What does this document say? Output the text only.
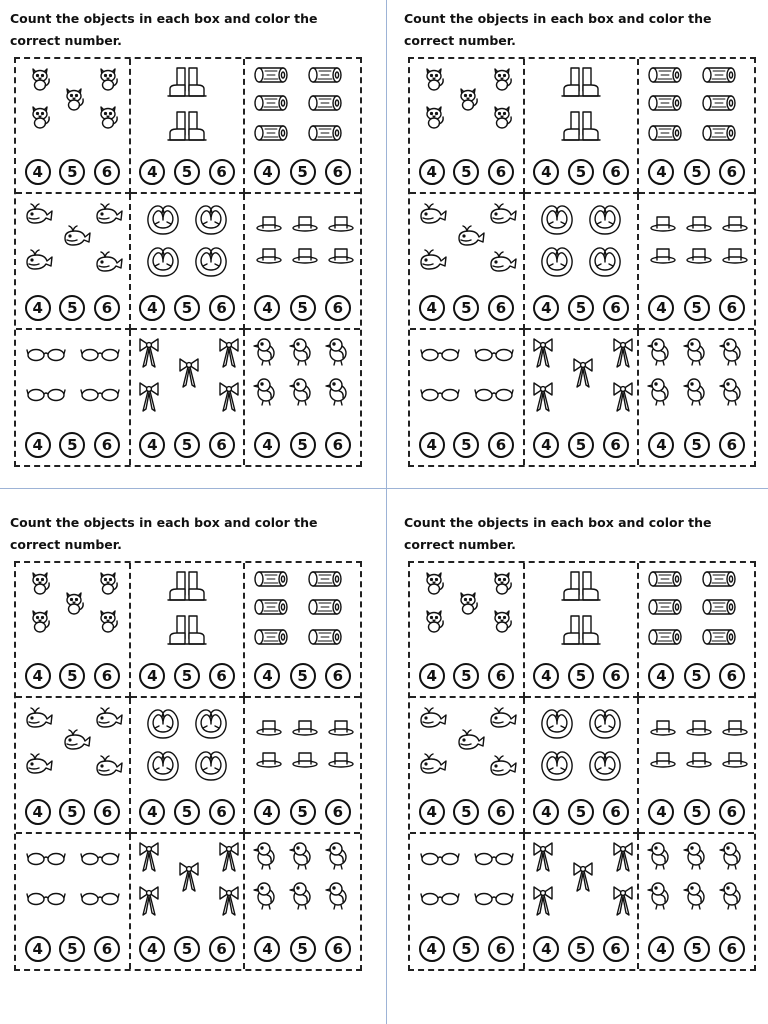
Count the objects in each box and color the correct number.
4	5	6	4	5	6	4	5	6
4	5	6	4	5	6	4	5	6
4	5	6	4	5	6	4	5	6
Count the objects in each box and color the correct number.
4	5	6	4	5	6	4	5	6
4	5	6	4	5	6	4	5	6
4	5	6	4	5	6	4	5	6
Count the objects in each box and color the correct number.
4	5	6	4	5	6	4	5	6
4	5	6	4	5	6	4	5	6
4	5	6	4	5	6	4	5	6
Count the objects in each box and color the correct number.
4	5	6	4	5	6	4	5	6
4	5	6	4	5	6	4	5	6
4	5	6	4	5	6	4	5	6
